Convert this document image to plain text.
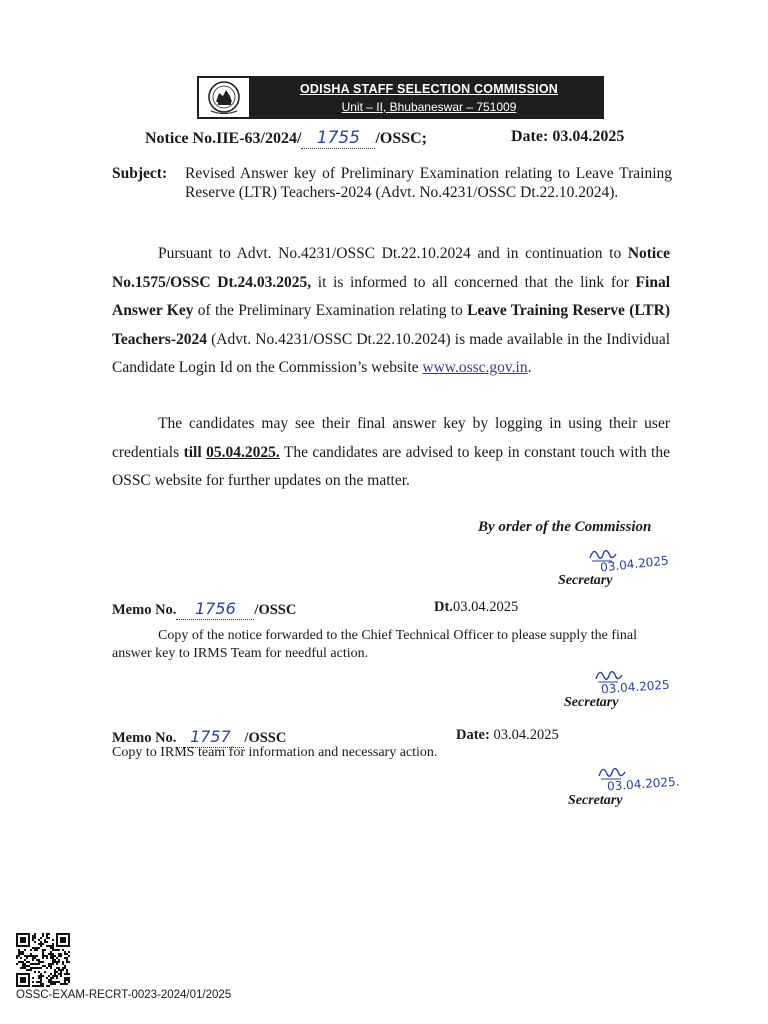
ODISHA STAFF SELECTION COMMISSION
Unit – II, Bhubaneswar – 751009
Notice No.IIE-63/2024/ 1755 /OSSC;	Date: 03.04.2025
Subject: Revised Answer key of Preliminary Examination relating to Leave Training Reserve (LTR) Teachers-2024 (Advt. No.4231/OSSC Dt.22.10.2024).
Pursuant to Advt. No.4231/OSSC Dt.22.10.2024 and in continuation to Notice No.1575/OSSC Dt.24.03.2025, it is informed to all concerned that the link for Final Answer Key of the Preliminary Examination relating to Leave Training Reserve (LTR) Teachers-2024 (Advt. No.4231/OSSC Dt.22.10.2024) is made available in the Individual Candidate Login Id on the Commission’s website www.ossc.gov.in.
The candidates may see their final answer key by logging in using their user credentials till 05.04.2025. The candidates are advised to keep in constant touch with the OSSC website for further updates on the matter.
By order of the Commission
03.04.2025
Secretary
Memo No. 1756 /OSSC	Dt.03.04.2025
Copy of the notice forwarded to the Chief Technical Officer to please supply the final answer key to IRMS Team for needful action.
03.04.2025
Secretary
Memo No. 1757 /OSSC	Date: 03.04.2025
Copy to IRMS team for information and necessary action.
03.04.2025.
Secretary
OSSC-EXAM-RECRT-0023-2024/01/2025
